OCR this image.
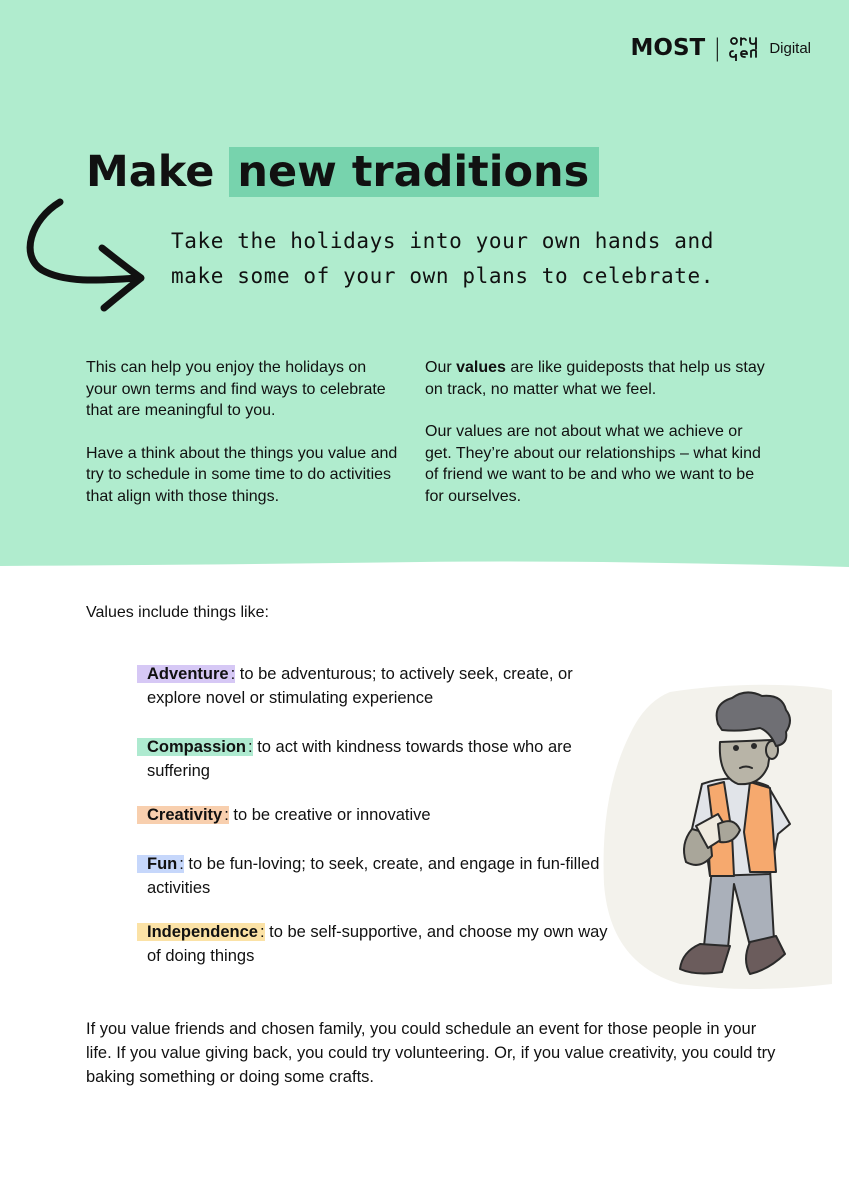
MOST |	Digital
Make new traditions

Take the holidays into your own hands and make some of your own plans to celebrate.

This can help you enjoy the holidays on your own terms and find ways to celebrate that are meaningful to you.

Have a think about the things you value and try to schedule in some time to do activities that align with those things.

Our values are like guideposts that help us stay on track, no matter what we feel.

Our values are not about what we achieve or get. They’re about our relationships – what kind of friend we want to be and who we want to be for ourselves.

Values include things like:

Adventure : to be adventurous; to actively seek, create, or explore novel or stimulating experience

Compassion : to act with kindness towards those who are suffering

Creativity : to be creative or innovative

Fun : to be fun-loving; to seek, create, and engage in fun-filled activities

Independence : to be self-supportive, and choose my own way of doing things

If you value friends and chosen family, you could schedule an event for those people in your life. If you value giving back, you could try volunteering. Or, if you value creativity, you could try baking something or doing some crafts.
